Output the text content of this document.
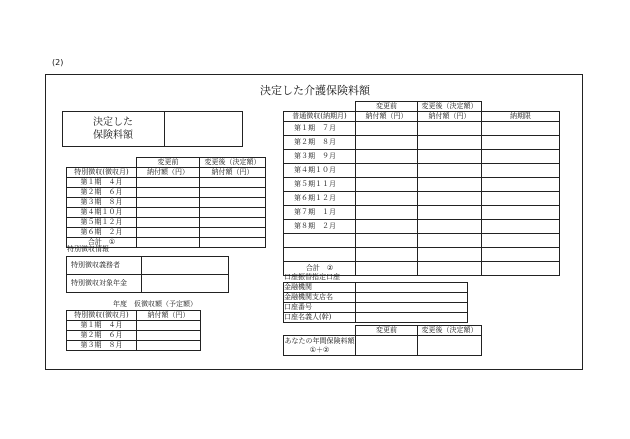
(2)
決定した介護保険料額
決定した
保険料額

	変更前	変更後（決定額）
特別徴収(徴収月)	納付額（円）	納付額（円）
第１期　４月		
第２期　６月		
第３期　８月		
第４期１０月		
第５期１２月		
第６期　２月		
合計　①		
特別徴収情報
特別徴収義務者	
特別徴収対象年金	
年度　仮徴収額（予定額）
特別徴収(徴収月)	納付額（円）
第１期　４月	
第２期　６月	
第３期　８月	
	変更前	変更後（決定額）	
普通徴収(納期月)	納付額（円）	納付額（円）	納期限
第１期　７月			
第２期　８月			
第３期　９月			
第４期１０月			
第５期１１月			
第６期１２月			
第７期　１月			
第８期　２月			

合計　②			
口座振替指定口座
金融機関	
金融機関支店名	
口座番号	
口座名義人(幹)	
	変更前	変更後（決定額）

あなたの年間保険料額
①＋②		
